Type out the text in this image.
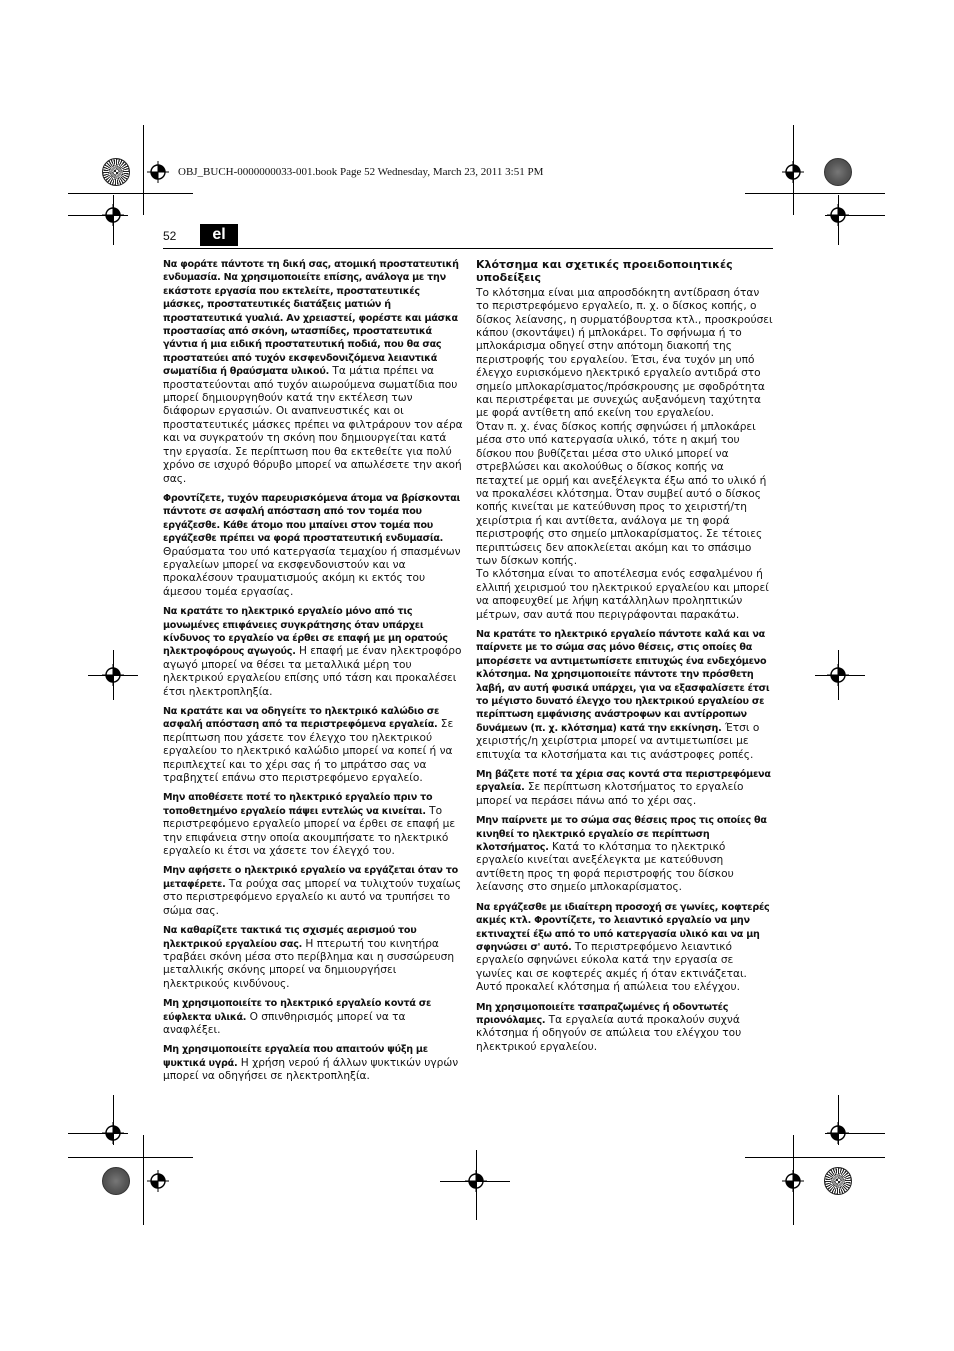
OBJ_BUCH-0000000033-001.book Page 52 Wednesday, March 23, 2011 3:51 PM
52	el

Να φοράτε πάντοτε τη δική σας, ατομική προστατευτική ενδυμασία. Να χρησιμοποιείτε επίσης, ανάλογα με την εκάστοτε εργασία που εκτελείτε, προστατευτικές μάσκες, προστατευτικές διατάξεις ματιών ή προστατευτικά γυαλιά. Αν χρειαστεί, φορέστε και μάσκα προστασίας από σκόνη, ωτασπίδες, προστατευτικά γάντια ή μια ειδική προστατευτική ποδιά, που θα σας προστατεύει από τυχόν εκσφενδονιζόμενα λειαντικά σωματίδια ή θραύσματα υλικού. Τα μάτια πρέπει να προστατεύονται από τυχόν αιωρούμενα σωματίδια που μπορεί δημιουργηθούν κατά την εκτέλεση των διάφορων εργασιών. Οι αναπνευστικές και οι προστατευτικές μάσκες πρέπει να φιλτράρουν τον αέρα και να συγκρατούν τη σκόνη που δημιουργείται κατά την εργασία. Σε περίπτωση που θα εκτεθείτε για πολύ χρόνο σε ισχυρό θόρυβο μπορεί να απωλέσετε την ακοή σας.

Φροντίζετε, τυχόν παρευρισκόμενα άτομα να βρίσκονται πάντοτε σε ασφαλή απόσταση από τον τομέα που εργάζεσθε. Κάθε άτομο που μπαίνει στον τομέα που εργάζεσθε πρέπει να φορά προστατευτική ενδυμασία. Θραύσματα του υπό κατεργασία τεμαχίου ή σπασμένων εργαλείων μπορεί να εκσφενδονιστούν και να προκαλέσουν τραυματισμούς ακόμη κι εκτός του άμεσου τομέα εργασίας.

Να κρατάτε το ηλεκτρικό εργαλείο μόνο από τις μονωμένες επιφάνειες συγκράτησης όταν υπάρχει κίνδυνος το εργαλείο να έρθει σε επαφή με μη ορατούς ηλεκτροφόρους αγωγούς. Η επαφή με έναν ηλεκτροφόρο αγωγό μπορεί να θέσει τα μεταλλικά μέρη του ηλεκτρικού εργαλείου επίσης υπό τάση και προκαλέσει έτσι ηλεκτροπληξία.

Να κρατάτε και να οδηγείτε το ηλεκτρικό καλώδιο σε ασφαλή απόσταση από τα περιστρεφόμενα εργαλεία. Σε περίπτωση που χάσετε τον έλεγχο του ηλεκτρικού εργαλείου το ηλεκτρικό καλώδιο μπορεί να κοπεί ή να περιπλεχτεί και το χέρι σας ή το μπράτσο σας να τραβηχτεί επάνω στο περιστρεφόμενο εργαλείο.

Μην αποθέσετε ποτέ το ηλεκτρικό εργαλείο πριν το τοποθετημένο εργαλείο πάψει εντελώς να κινείται. Το περιστρεφόμενο εργαλείο μπορεί να έρθει σε επαφή με την επιφάνεια στην οποία ακουμπήσατε το ηλεκτρικό εργαλείο κι έτσι να χάσετε τον έλεγχό του.

Μην αφήσετε ο ηλεκτρικό εργαλείο να εργάζεται όταν το μεταφέρετε. Τα ρούχα σας μπορεί να τυλιχτούν τυχαίως στο περιστρεφόμενο εργαλείο κι αυτό να τρυπήσει το σώμα σας.

Να καθαρίζετε τακτικά τις σχισμές αερισμού του ηλεκτρικού εργαλείου σας. Η πτερωτή του κινητήρα τραβάει σκόνη μέσα στο περίβλημα και η συσσώρευση μεταλλικής σκόνης μπορεί να δημιουργήσει ηλεκτρικούς κινδύνους.

Μη χρησιμοποιείτε το ηλεκτρικό εργαλείο κοντά σε εύφλεκτα υλικά. Ο σπινθηρισμός μπορεί να τα αναφλέξει.

Μη χρησιμοποιείτε εργαλεία που απαιτούν ψύξη με ψυκτικά υγρά. Η χρήση νερού ή άλλων ψυκτικών υγρών μπορεί να οδηγήσει σε ηλεκτροπληξία.

Κλότσημα και σχετικές προειδοποιητικές υποδείξεις

Το κλότσημα είναι μια απροσδόκητη αντίδραση όταν το περιστρεφόμενο εργαλείο, π. χ. ο δίσκος κοπής, ο δίσκος λείανσης, η συρματόβουρτσα κτλ., προσκρούσει κάπου (σκοντάψει) ή μπλοκάρει. Το σφήνωμα ή το μπλοκάρισμα οδηγεί στην απότομη διακοπή της περιστροφής του εργαλείου. Έτσι, ένα τυχόν μη υπό έλεγχο ευρισκόμενο ηλεκτρικό εργαλείο αντιδρά στο σημείο μπλοκαρίσματος/πρόσκρουσης με σφοδρότητα και περιστρέφεται με συνεχώς αυξανόμενη ταχύτητα με φορά αντίθετη από εκείνη του εργαλείου.

Όταν π. χ. ένας δίσκος κοπής σφηνώσει ή μπλοκάρει μέσα στο υπό κατεργασία υλικό, τότε η ακμή του δίσκου που βυθίζεται μέσα στο υλικό μπορεί να στρεβλώσει και ακολούθως ο δίσκος κοπής να πεταχτεί με ορμή και ανεξέλεγκτα έξω από το υλικό ή να προκαλέσει κλότσημα. Όταν συμβεί αυτό ο δίσκος κοπής κινείται με κατεύθυνση προς το χειριστή/τη χειρίστρια ή και αντίθετα, ανάλογα με τη φορά περιστροφής στο σημείο μπλοκαρίσματος. Σε τέτοιες περιπτώσεις δεν αποκλείεται ακόμη και το σπάσιμο των δίσκων κοπής.

Το κλότσημα είναι το αποτέλεσμα ενός εσφαλμένου ή ελλιπή χειρισμού του ηλεκτρικού εργαλείου και μπορεί να αποφευχθεί με λήψη κατάλληλων προληπτικών μέτρων, σαν αυτά που περιγράφονται παρακάτω.

Να κρατάτε το ηλεκτρικό εργαλείο πάντοτε καλά και να παίρνετε με το σώμα σας μόνο θέσεις, στις οποίες θα μπορέσετε να αντιμετωπίσετε επιτυχώς ένα ενδεχόμενο κλότσημα. Να χρησιμοποιείτε πάντοτε την πρόσθετη λαβή, αν αυτή φυσικά υπάρχει, για να εξασφαλίσετε έτσι το μέγιστο δυνατό έλεγχο του ηλεκτρικού εργαλείου σε περίπτωση εμφάνισης ανάστροφων και αντίρροπων δυνάμεων (π. χ. κλότσημα) κατά την εκκίνηση. Έτσι ο χειριστής/η χειρίστρια μπορεί να αντιμετωπίσει με επιτυχία τα κλοτσήματα και τις ανάστροφες ροπές.

Μη βάζετε ποτέ τα χέρια σας κοντά στα περιστρεφόμενα εργαλεία. Σε περίπτωση κλοτσήματος το εργαλείο μπορεί να περάσει πάνω από το χέρι σας.

Μην παίρνετε με το σώμα σας θέσεις προς τις οποίες θα κινηθεί το ηλεκτρικό εργαλείο σε περίπτωση κλοτσήματος. Κατά το κλότσημα το ηλεκτρικό εργαλείο κινείται ανεξέλεγκτα με κατεύθυνση αντίθετη προς τη φορά περιστροφής του δίσκου λείανσης στο σημείο μπλοκαρίσματος.

Να εργάζεσθε με ιδιαίτερη προσοχή σε γωνίες, κοφτερές ακμές κτλ. Φροντίζετε, το λειαντικό εργαλείο να μην εκτιναχτεί έξω από το υπό κατεργασία υλικό και να μη σφηνώσει σ' αυτό. Το περιστρεφόμενο λειαντικό εργαλείο σφηνώνει εύκολα κατά την εργασία σε γωνίες και σε κοφτερές ακμές ή όταν εκτινάζεται. Αυτό προκαλεί κλότσημα ή απώλεια του ελέγχου.

Μη χρησιμοποιείτε τσαπραζωμένες ή οδοντωτές πριονόλαμες. Τα εργαλεία αυτά προκαλούν συχνά κλότσημα ή οδηγούν σε απώλεια του ελέγχου του ηλεκτρικού εργαλείου.
